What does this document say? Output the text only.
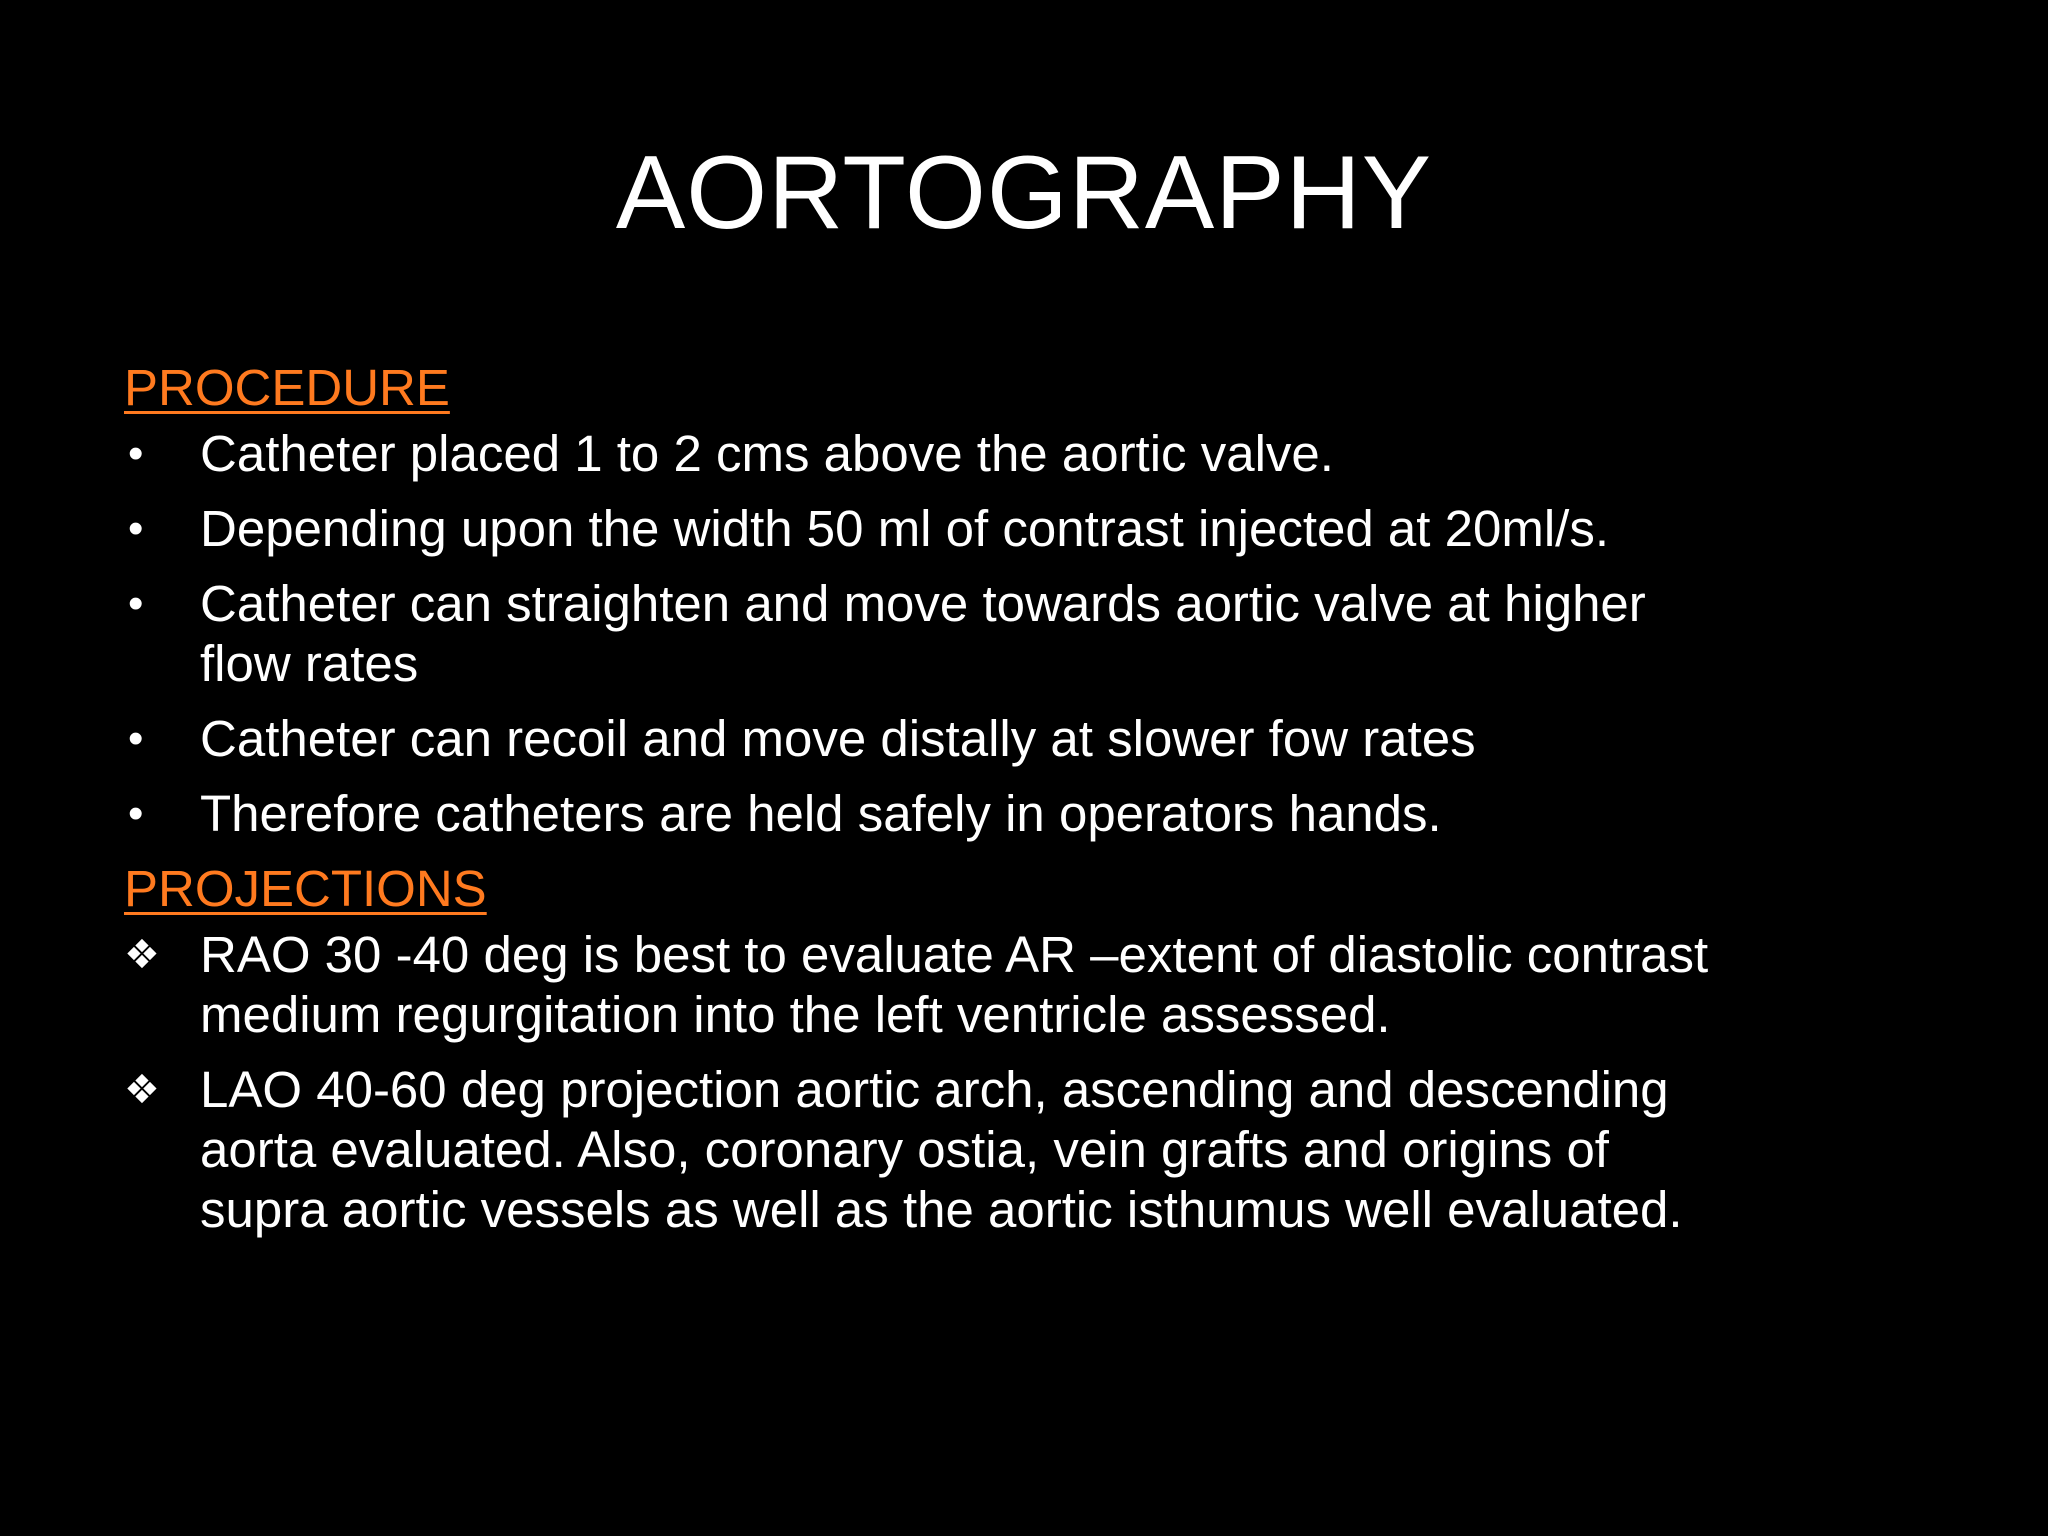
AORTOGRAPHY
PROCEDURE
•	Catheter placed 1 to 2 cms above the aortic valve.
•	Depending upon the width 50 ml of contrast injected at 20ml/s.
•	Catheter can straighten and move towards aortic valve at higher
flow rates
•	Catheter can recoil and move distally at slower fow rates
•	Therefore catheters are held safely in operators hands.
PROJECTIONS
❖ RAO 30 -40 deg is best to evaluate AR –extent of diastolic contrast
medium regurgitation into the left ventricle assessed.
❖ LAO 40-60 deg projection aortic arch, ascending and descending
aorta evaluated. Also, coronary ostia, vein grafts and origins of
supra aortic vessels as well as the aortic isthumus well evaluated.
